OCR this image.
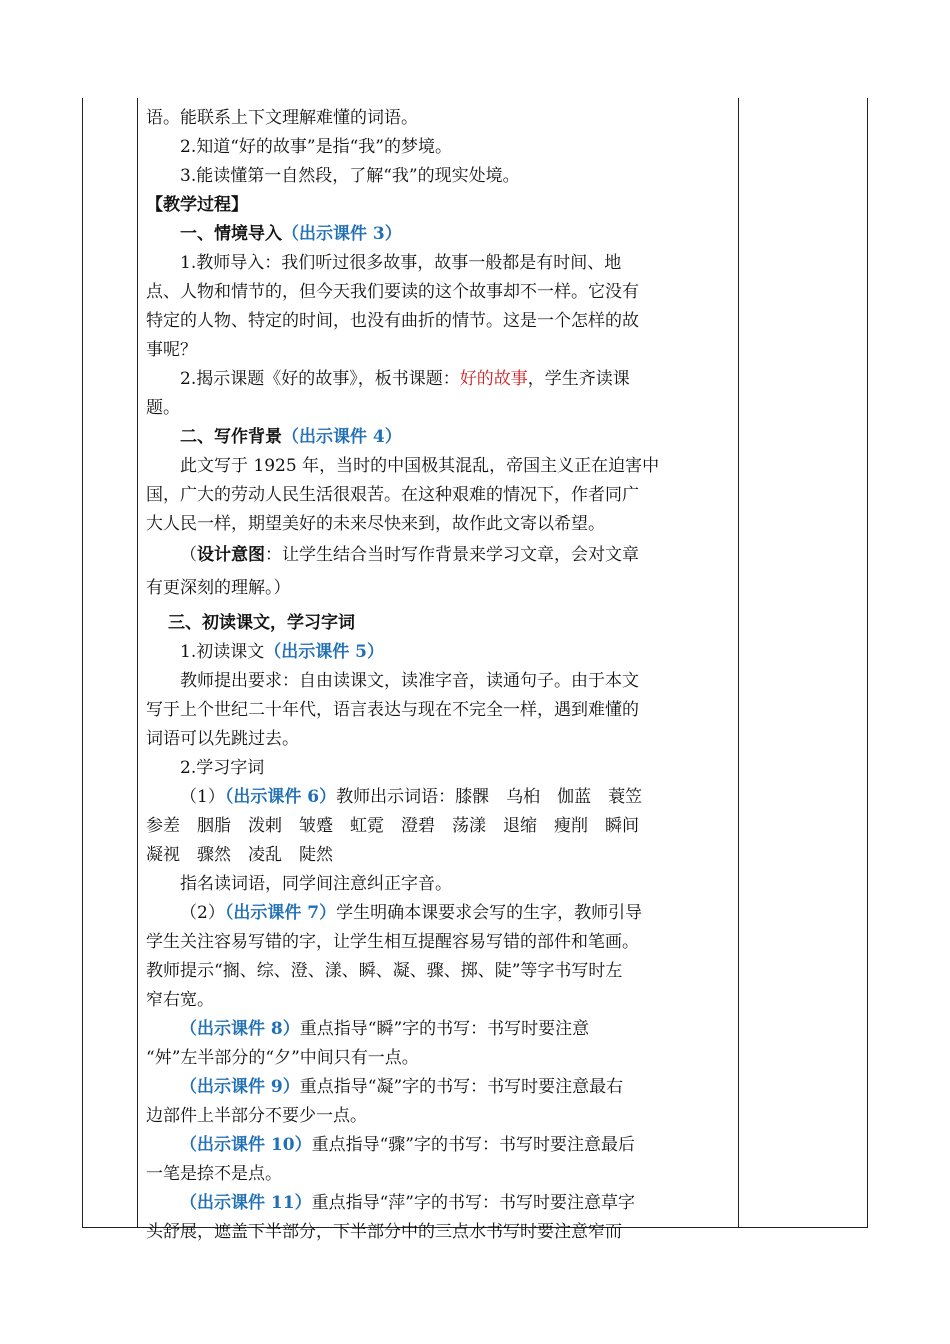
语。能联系上下文理解难懂的词语。
2.知道“好的故事”是指“我”的梦境。
3.能读懂第一自然段，了解“我”的现实处境。
【教学过程】
一、情境导入（出示课件 3）
1.教师导入：我们听过很多故事，故事一般都是有时间、地
点、人物和情节的，但今天我们要读的这个故事却不一样。它没有
特定的人物、特定的时间，也没有曲折的情节。这是一个怎样的故
事呢？
2.揭示课题《好的故事》，板书课题：好的故事，学生齐读课
题。
二、写作背景（出示课件 4）
此文写于 1925 年，当时的中国极其混乱，帝国主义正在迫害中
国，广大的劳动人民生活很艰苦。在这种艰难的情况下，作者同广
大人民一样，期望美好的未来尽快来到，故作此文寄以希望。
（设计意图：让学生结合当时写作背景来学习文章，会对文章
有更深刻的理解。）
三、初读课文，学习字词
1.初读课文（出示课件 5）
教师提出要求：自由读课文，读准字音，读通句子。由于本文
写于上个世纪二十年代，语言表达与现在不完全一样，遇到难懂的
词语可以先跳过去。
2.学习字词
（1）（出示课件 6）教师出示词语：膝髁　乌桕　伽蓝　蓑笠
参差　胭脂　泼剌　皱蹙　虹霓　澄碧　荡漾　退缩　瘦削　瞬间
凝视　骤然　凌乱　陡然
指名读词语，同学间注意纠正字音。
（2）（出示课件 7）学生明确本课要求会写的生字，教师引导
学生关注容易写错的字，让学生相互提醒容易写错的部件和笔画。
教师提示“搁、综、澄、漾、瞬、凝、骤、掷、陡”等字书写时左
窄右宽。
（出示课件 8）重点指导“瞬”字的书写：书写时要注意
“舛”左半部分的“夕”中间只有一点。
（出示课件 9）重点指导“凝”字的书写：书写时要注意最右
边部件上半部分不要少一点。
（出示课件 10）重点指导“骤”字的书写：书写时要注意最后
一笔是捺不是点。
（出示课件 11）重点指导“萍”字的书写：书写时要注意草字
头舒展，遮盖下半部分，下半部分中的三点水书写时要注意窄而
